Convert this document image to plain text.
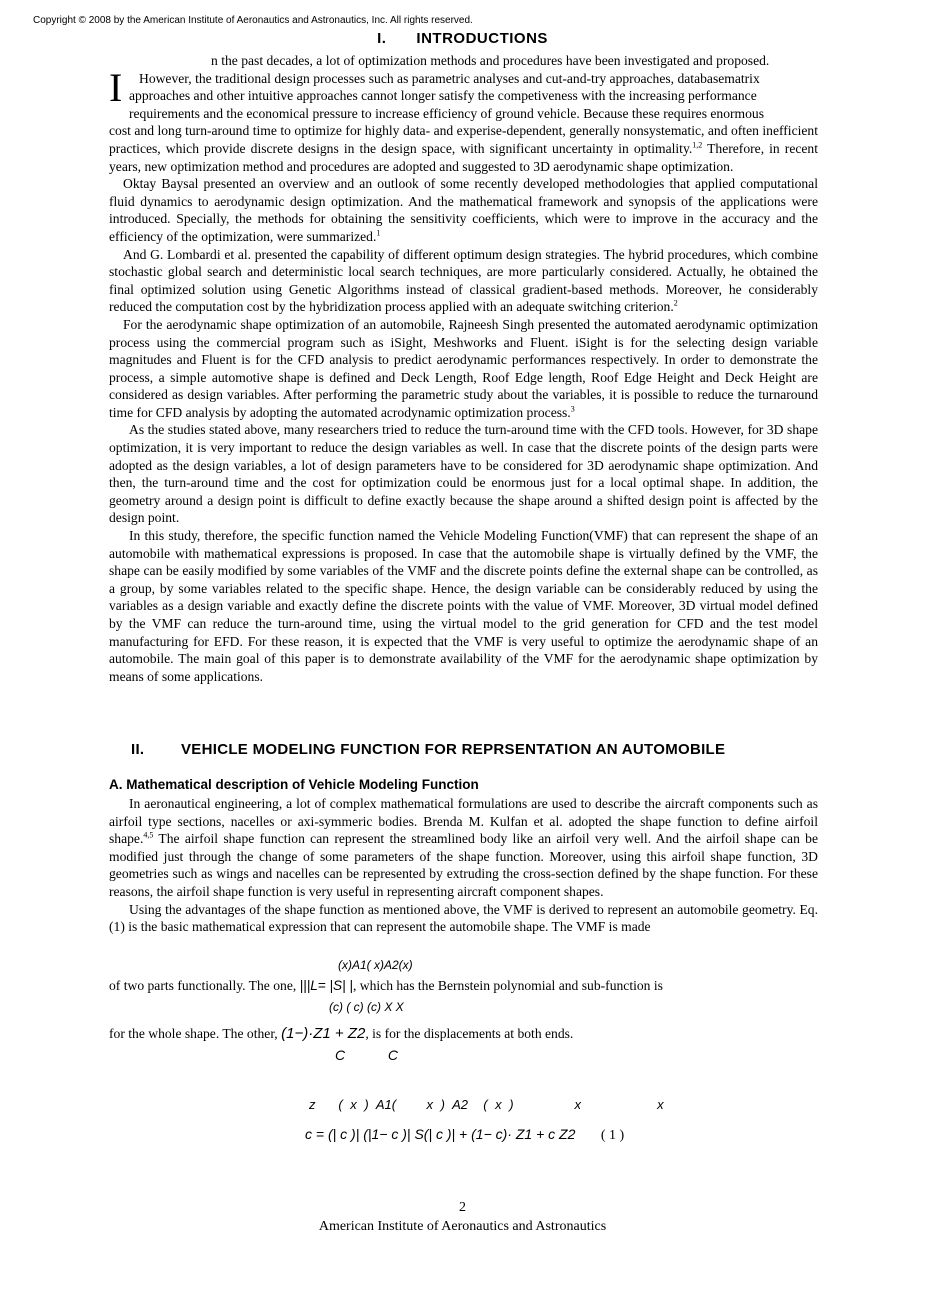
Copyright © 2008 by the American Institute of Aeronautics and Astronautics, Inc. All rights reserved.
I. INTRODUCTIONS
I
n the past decades, a lot of optimization methods and procedures have been investigated and proposed.
However, the traditional design processes such as parametric analyses and cut-and-try approaches, databasematrix
approaches and other intuitive approaches cannot longer satisfy the competiveness with the increasing performance
requirements and the economical pressure to increase efficiency of ground vehicle. Because these requires enormous

cost and long turn-around time to optimize for highly data- and experise-dependent, generally nonsystematic, and often inefficient practices, which provide discrete designs in the design space, with significant uncertainty in optimality.$^{1,2}$ Therefore, in recent years, new optimization method and procedures are adopted and suggested to 3D aerodynamic shape optimization.

Oktay Baysal presented an overview and an outlook of some recently developed methodologies that applied computational fluid dynamics to aerodynamic design optimization. And the mathematical framework and synopsis of the applications were introduced. Specially, the methods for obtaining the sensitivity coefficients, which were to improve in the accuracy and the efficiency of the optimization, were summarized.$^1$

And G. Lombardi et al. presented the capability of different optimum design strategies. The hybrid procedures, which combine stochastic global search and deterministic local search techniques, are more particularly considered. Actually, he obtained the final optimized solution using Genetic Algorithms instead of classical gradient-based methods. Moreover, he considerably reduced the computation cost by the hybridization process applied with an adequate switching criterion.$^2$

For the aerodynamic shape optimization of an automobile, Rajneesh Singh presented the automated aerodynamic optimization process using the commercial program such as iSight, Meshworks and Fluent. iSight is for the selecting design variable magnitudes and Fluent is for the CFD analysis to predict aerodynamic performances respectively. In order to demonstrate the process, a simple automotive shape is defined and Deck Length, Roof Edge length, Roof Edge Height and Deck Height are considered as design variables. After performing the parametric study about the variables, it is possible to reduce the turnaround time for CFD analysis by adopting the automated acrodynamic optimization process.$^3$

As the studies stated above, many researchers tried to reduce the turn-around time with the CFD tools. However, for 3D shape optimization, it is very important to reduce the design variables as well. In case that the discrete points of the design parts were adopted as the design variables, a lot of design parameters have to be considered for 3D aerodynamic shape optimization. And then, the turn-around time and the cost for optimization could be enormous just for a local optimal shape. In addition, the geometry around a design point is difficult to define exactly because the shape around a shifted design point is affected by the design point.

In this study, therefore, the specific function named the Vehicle Modeling Function(VMF) that can represent the shape of an automobile with mathematical expressions is proposed. In case that the automobile shape is virtually defined by the VMF, the shape can be easily modified by some variables of the VMF and the discrete points define the external shape can be controlled, as a group, by some variables related to the specific shape. Hence, the design variable can be considerably reduced by using the variables as a design variable and exactly define the discrete points with the value of VMF. Moreover, 3D virtual model defined by the VMF can reduce the turn-around time, using the virtual model to the grid generation for CFD and the test model manufacturing for EFD. For these reason, it is expected that the VMF is very useful to optimize the aerodynamic shape of an automobile. The main goal of this paper is to demonstrate availability of the VMF for the aerodynamic shape optimization by means of some applications.

II. VEHICLE MODELING FUNCTION FOR REPRSENTATION AN AUTOMOBILE
A. Mathematical description of Vehicle Modeling Function

In aeronautical engineering, a lot of complex mathematical formulations are used to describe the aircraft components such as airfoil type sections, nacelles or axi-symmeric bodies. Brenda M. Kulfan et al. adopted the shape function to define airfoil shape.$^{4,5}$ The airfoil shape function can represent the streamlined body like an airfoil very well. And the airfoil shape can be modified just through the change of some parameters of the shape function. Moreover, using this airfoil shape function, 3D geometries such as wings and nacelles can be represented by extruding the cross-section defined by the shape function. For these reasons, the airfoil shape function is very useful in representing aircraft component shapes.

Using the advantages of the shape function as mentioned above, the VMF is derived to represent an automobile geometry. Eq. (1) is the basic mathematical expression that can represent the automobile shape. The VMF is made

(x)A1( x)A2(x)
of two parts functionally. The one, |||L= |S| |, which has the Bernstein polynomial and sub-function is
(c) ( c) (c) X X
for the whole shape. The other, (1−)·Z1 + Z2, is for the displacements at both ends.
C           C
z   ( x ) A1(    x ) A2  ( x )        x          x
c = (| c )| (|1− c )| S(| c )| + (1− c)· Z1 + c Z2 ( 1 )
2
American Institute of Aeronautics and Astronautics
